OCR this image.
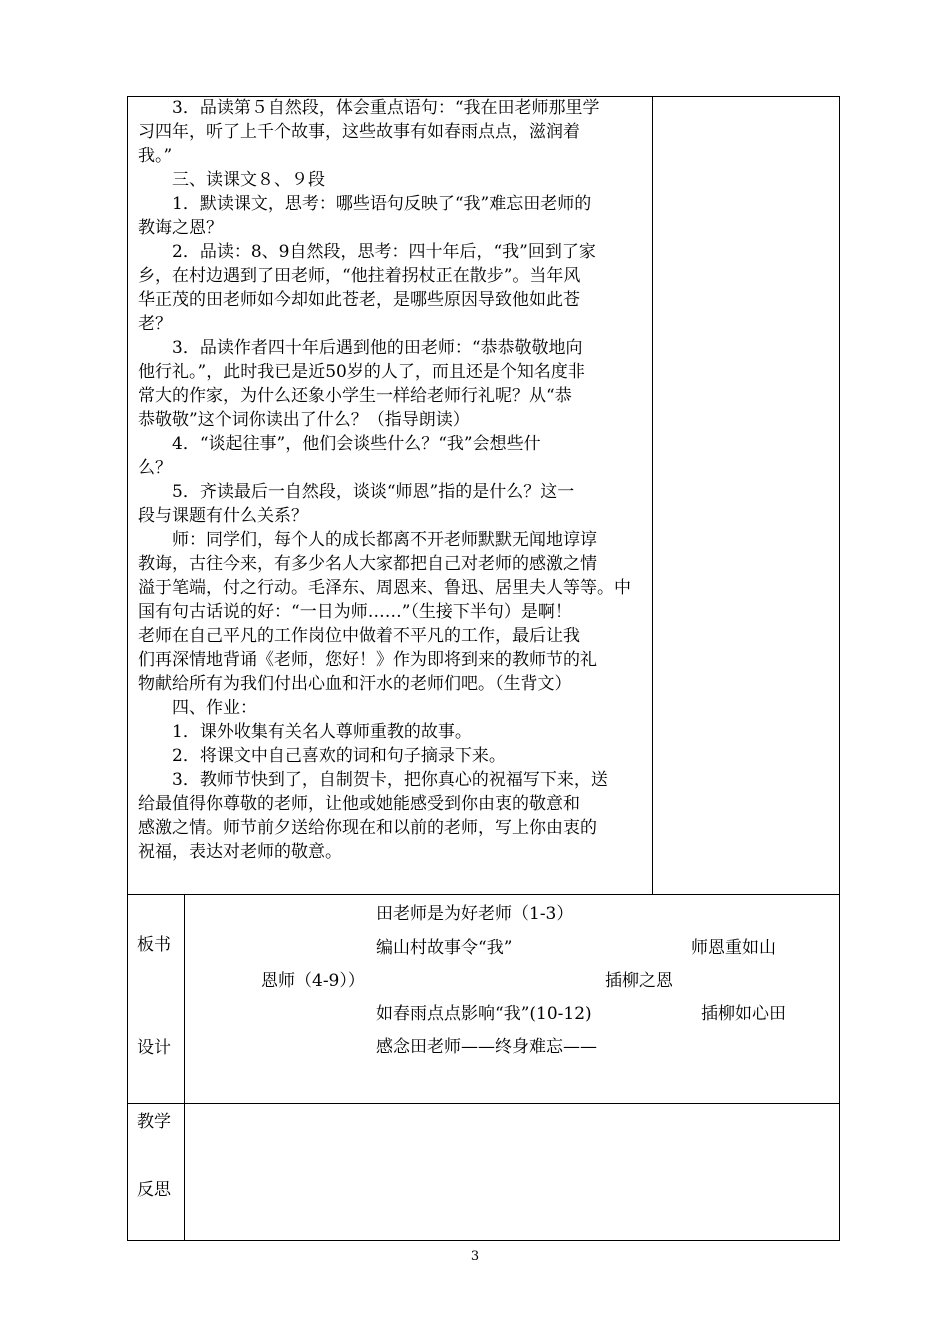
3．品读第５自然段，体会重点语句：“我在田老师那里学
习四年，听了上千个故事，这些故事有如春雨点点，滋润着
我。”
三、读课文８、９段
1．默读课文，思考：哪些语句反映了“我”难忘田老师的
教诲之恩？
2．品读：8、9自然段，思考：四十年后，“我”回到了家
乡，在村边遇到了田老师，“他拄着拐杖正在散步”。当年风
华正茂的田老师如今却如此苍老，是哪些原因导致他如此苍
老？
3．品读作者四十年后遇到他的田老师：“恭恭敬敬地向
他行礼。”，此时我已是近50岁的人了，而且还是个知名度非
常大的作家，为什么还象小学生一样给老师行礼呢？从“恭
恭敬敬”这个词你读出了什么？（指导朗读）
4．“谈起往事”，他们会谈些什么？“我”会想些什
么？
5．齐读最后一自然段，谈谈“师恩”指的是什么？这一
段与课题有什么关系？
师：同学们，每个人的成长都离不开老师默默无闻地谆谆
教诲，古往今来，有多少名人大家都把自己对老师的感激之情
溢于笔端，付之行动。毛泽东、周恩来、鲁迅、居里夫人等等。中
国有句古话说的好：“一日为师……”（生接下半句）是啊！
老师在自己平凡的工作岗位中做着不平凡的工作，最后让我
们再深情地背诵《老师，您好！》作为即将到来的教师节的礼
物献给所有为我们付出心血和汗水的老师们吧。（生背文）
四、作业：
1．课外收集有关名人尊师重教的故事。
2．将课文中自己喜欢的词和句子摘录下来。
3．教师节快到了，自制贺卡，把你真心的祝福写下来，送
给最值得你尊敬的老师，让他或她能感受到你由衷的敬意和
感激之情。师节前夕送给你现在和以前的老师，写上你由衷的
祝福，表达对老师的敬意。
板书
设计
田老师是为好老师（1-3）
编山村故事令“我”	师恩重如山
恩师（4-9））	插柳之恩
如春雨点点影响“我”(10-12)	插柳如心田
感念田老师——终身难忘——
教学
反思
3
